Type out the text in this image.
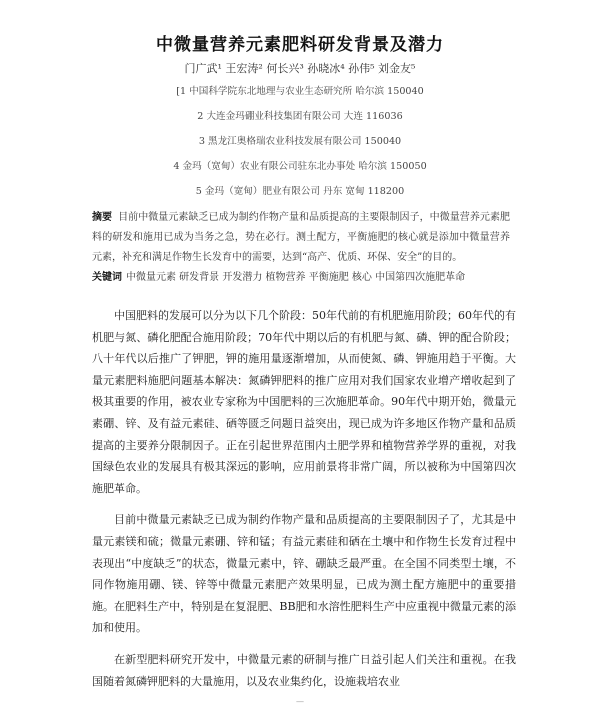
中微量营养元素肥料研发背景及潜力
门广武¹ 王宏涛² 何长兴³ 孙晓冰⁴ 孙伟⁵ 刘金友⁵
[1 中国科学院东北地理与农业生态研究所 哈尔滨 150040
2 大连金玛硼业科技集团有限公司 大连 116036
3 黑龙江奥格瑞农业科技发展有限公司 150040
4 金玛（宽甸）农业有限公司驻东北办事处 哈尔滨 150050
5 金玛（宽甸）肥业有限公司 丹东 宽甸 118200
摘要 目前中微量元素缺乏已成为制约作物产量和品质提高的主要限制因子，中微量营养元素肥料的研发和施用已成为当务之急，势在必行。测土配方，平衡施肥的核心就是添加中微量营养元素，补充和满足作物生长发育中的需要，达到“高产、优质、环保、安全”的目的。
关键词 中微量元素 研发背景 开发潜力 植物营养 平衡施肥 核心 中国第四次施肥革命

中国肥料的发展可以分为以下几个阶段：50年代前的有机肥施用阶段；60年代的有机肥与氮、磷化肥配合施用阶段；70年代中期以后的有机肥与氮、磷、钾的配合阶段；八十年代以后推广了钾肥，钾的施用量逐渐增加，从而使氮、磷、钾施用趋于平衡。大量元素肥料施肥问题基本解决：氮磷钾肥料的推广应用对我们国家农业增产增收起到了极其重要的作用，被农业专家称为中国肥料的三次施肥革命。90年代中期开始，微量元素硼、锌、及有益元素硅、硒等匮乏问题日益突出，现已成为许多地区作物产量和品质提高的主要养分限制因子。正在引起世界范围内土肥学界和植物营养学界的重视，对我国绿色农业的发展具有极其深远的影响，应用前景将非常广阔，所以被称为中国第四次施肥革命。

目前中微量元素缺乏已成为制约作物产量和品质提高的主要限制因子了，尤其是中量元素镁和硫；微量元素硼、锌和锰；有益元素硅和硒在土壤中和作物生长发育过程中表现出“中度缺乏”的状态，微量元素中，锌、硼缺乏最严重。在全国不同类型土壤，不同作物施用硼、镁、锌等中微量元素肥产效果明显，已成为测土配方施肥中的重要措施。在肥料生产中，特别是在复混肥、BB肥和水溶性肥料生产中应重视中微量元素的添加和使用。

在新型肥料研究开发中，中微量元素的研制与推广日益引起人们关注和重视。在我国随着氮磷钾肥料的大量施用，以及农业集约化，设施栽培农业

—
